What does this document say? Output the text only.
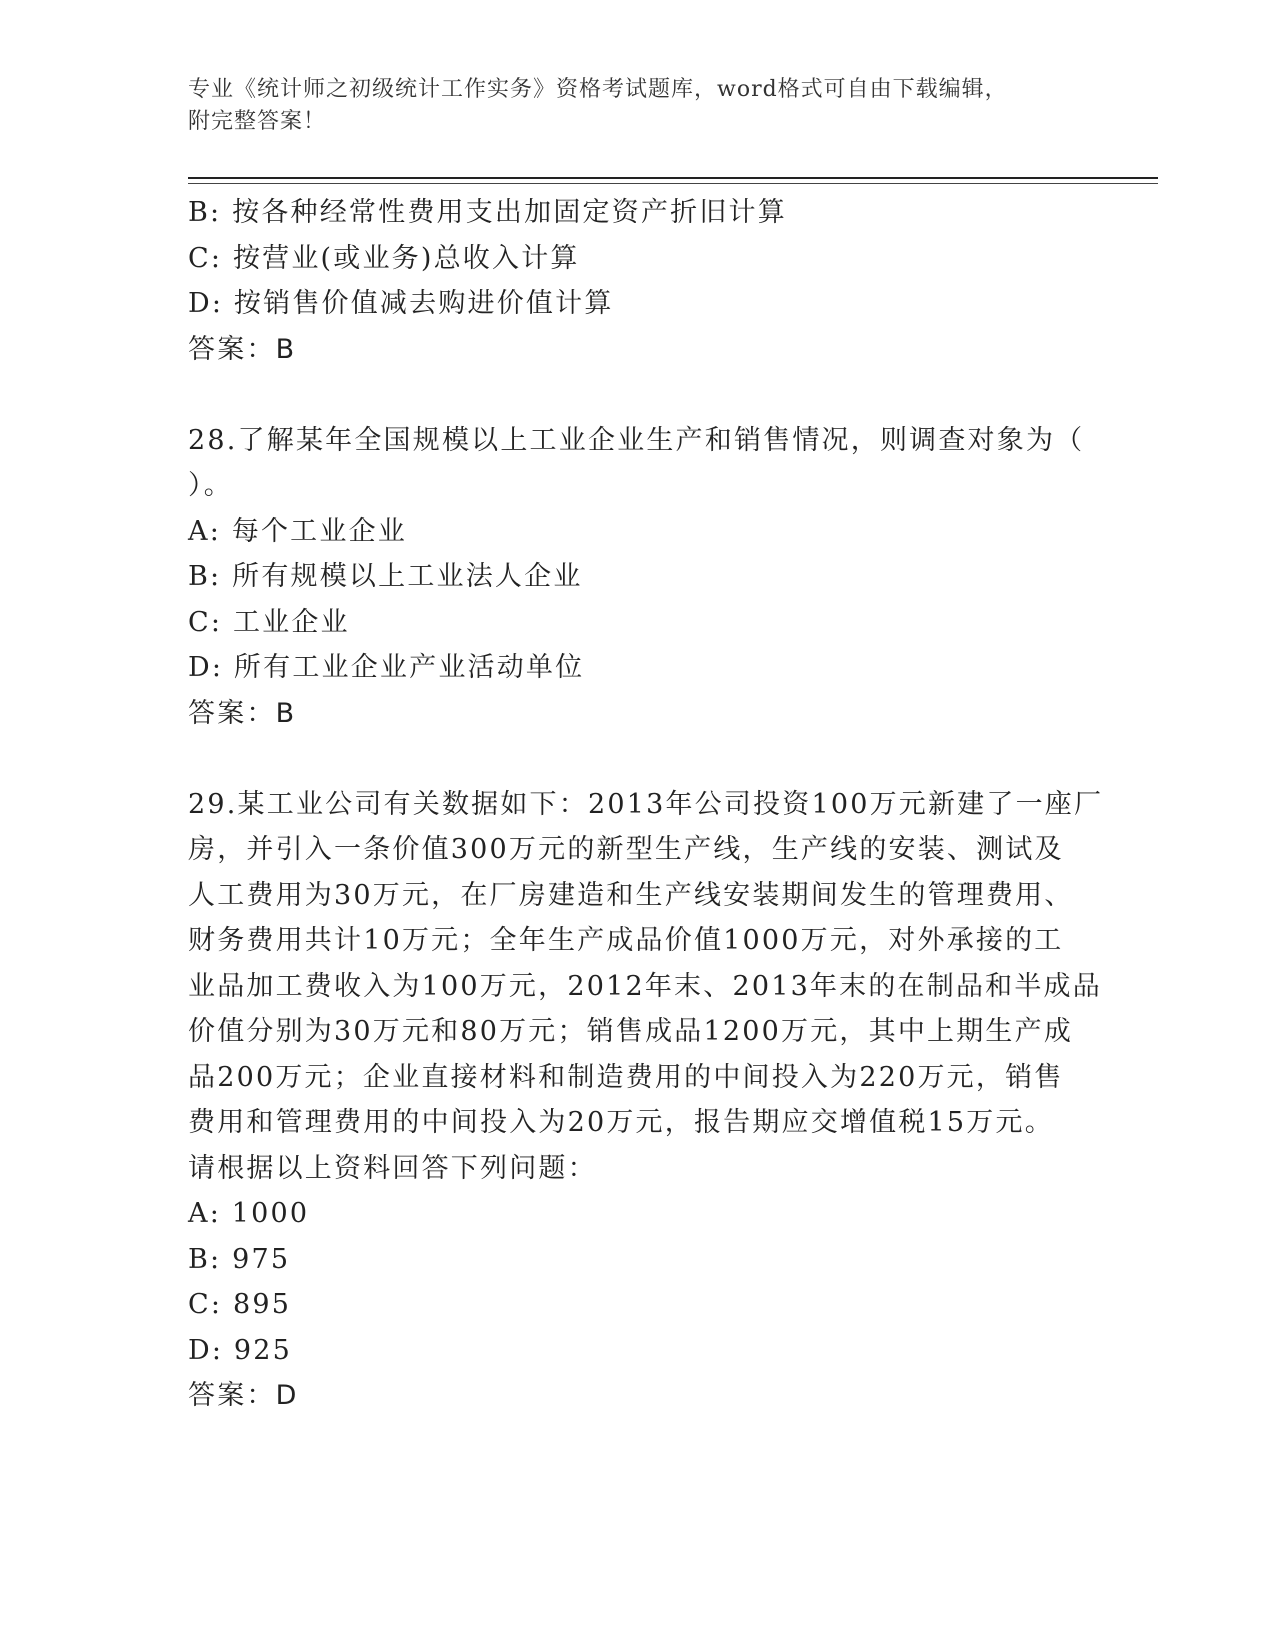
专业《统计师之初级统计工作实务》资格考试题库，word格式可自由下载编辑，
附完整答案！
B: 按各种经常性费用支出加固定资产折旧计算
C: 按营业(或业务)总收入计算
D: 按销售价值减去购进价值计算
答案：B
28.了解某年全国规模以上工业企业生产和销售情况，则调查对象为（
）。
A: 每个工业企业
B: 所有规模以上工业法人企业
C: 工业企业
D: 所有工业企业产业活动单位
答案：B
29.某工业公司有关数据如下：2013年公司投资100万元新建了一座厂
房，并引入一条价值300万元的新型生产线，生产线的安装、测试及
人工费用为30万元，在厂房建造和生产线安装期间发生的管理费用、
财务费用共计10万元；全年生产成品价值1000万元，对外承接的工
业品加工费收入为100万元，2012年末、2013年末的在制品和半成品
价值分别为30万元和80万元；销售成品1200万元，其中上期生产成
品200万元；企业直接材料和制造费用的中间投入为220万元，销售
费用和管理费用的中间投入为20万元，报告期应交增值税15万元。
请根据以上资料回答下列问题：
A: 1000
B: 975
C: 895
D: 925
答案：D
